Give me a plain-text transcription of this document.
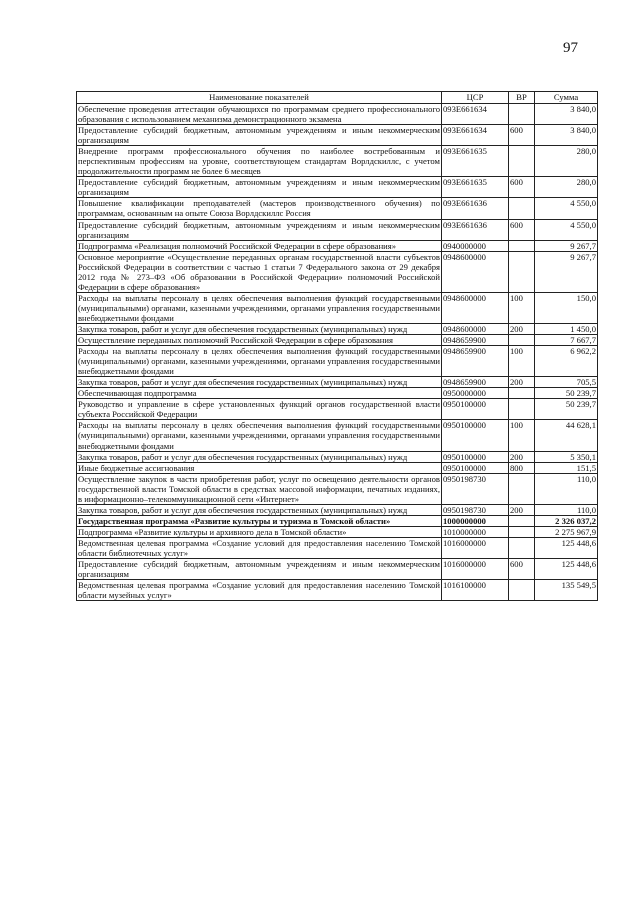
97
Наименование показателей	ЦСР	ВР	Сумма
Обеспечение проведения аттестации обучающихся по программам среднего профессионального образования с использованием механизма демонстрационного экзамена	093E661634		3 840,0
Предоставление субсидий бюджетным, автономным учреждениям и иным некоммерческим организациям	093E661634	600	3 840,0
Внедрение программ профессионального обучения по наиболее востребованным и перспективным профессиям на уровне, соответствующем стандартам Ворлдскиллс, с учетом продолжительности программ не более 6 месяцев	093E661635		280,0
Предоставление субсидий бюджетным, автономным учреждениям и иным некоммерческим организациям	093E661635	600	280,0
Повышение квалификации преподавателей (мастеров производственного обучения) по программам, основанным на опыте Союза Ворлдскиллс Россия	093E661636		4 550,0
Предоставление субсидий бюджетным, автономным учреждениям и иным некоммерческим организациям	093E661636	600	4 550,0
Подпрограмма «Реализация полномочий Российской Федерации в сфере образования»	0940000000		9 267,7
Основное мероприятие «Осуществление переданных органам государственной власти субъектов Российской Федерации в соответствии с частью 1 статьи 7 Федерального закона от 29 декабря 2012 года № 273–ФЗ «Об образовании в Российской Федерации» полномочий Российской Федерации в сфере образования»	0948600000		9 267,7
Расходы на выплаты персоналу в целях обеспечения выполнения функций государственными (муниципальными) органами, казенными учреждениями, органами управления государственными внебюджетными фондами	0948600000	100	150,0
Закупка товаров, работ и услуг для обеспечения государственных (муниципальных) нужд	0948600000	200	1 450,0
Осуществление переданных полномочий Российской Федерации в сфере образования	0948659900		7 667,7
Расходы на выплаты персоналу в целях обеспечения выполнения функций государственными (муниципальными) органами, казенными учреждениями, органами управления государственными внебюджетными фондами	0948659900	100	6 962,2
Закупка товаров, работ и услуг для обеспечения государственных (муниципальных) нужд	0948659900	200	705,5
Обеспечивающая подпрограмма	0950000000		50 239,7
Руководство и управление в сфере установленных функций органов государственной власти субъекта Российской Федерации	0950100000		50 239,7
Расходы на выплаты персоналу в целях обеспечения выполнения функций государственными (муниципальными) органами, казенными учреждениями, органами управления государственными внебюджетными фондами	0950100000	100	44 628,1
Закупка товаров, работ и услуг для обеспечения государственных (муниципальных) нужд	0950100000	200	5 350,1
Иные бюджетные ассигнования	0950100000	800	151,5
Осуществление закупок в части приобретения работ, услуг по освещению деятельности органов государственной власти Томской области в средствах массовой информации, печатных изданиях, в информационно–телекоммуникационной сети «Интернет»	0950198730		110,0
Закупка товаров, работ и услуг для обеспечения государственных (муниципальных) нужд	0950198730	200	110,0
Государственная программа «Развитие культуры и туризма в Томской области»	1000000000		2 326 037,2
Подпрограмма «Развитие культуры и архивного дела в Томской области»	1010000000		2 275 967,9
Ведомственная целевая программа «Создание условий для предоставления населению Томской области библиотечных услуг»	1016000000		125 448,6
Предоставление субсидий бюджетным, автономным учреждениям и иным некоммерческим организациям	1016000000	600	125 448,6
Ведомственная целевая программа «Создание условий для предоставления населению Томской области музейных услуг»	1016100000		135 549,5
